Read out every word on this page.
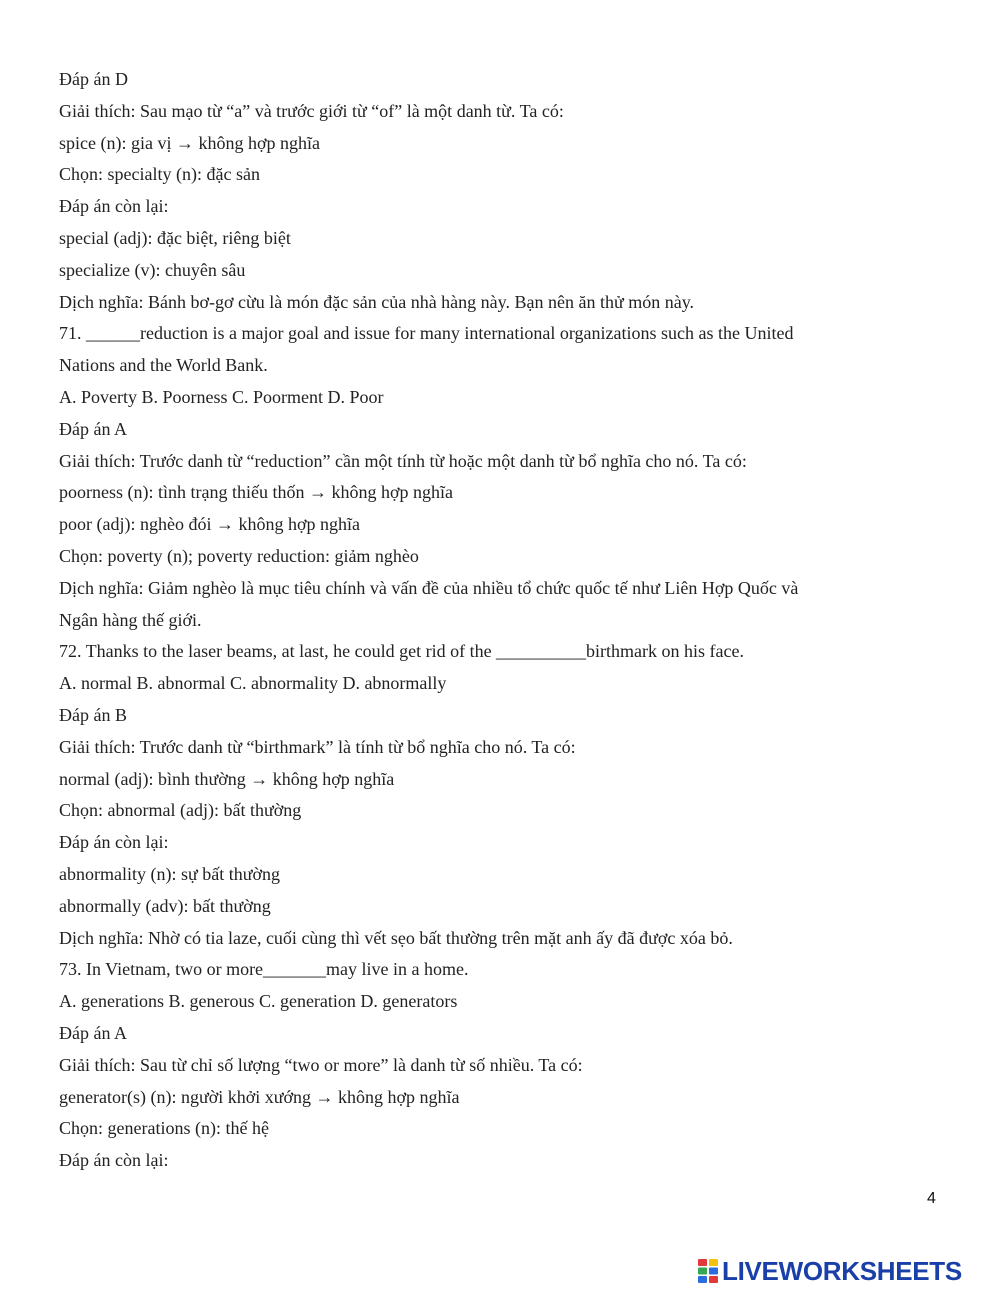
Đáp án D
Giải thích: Sau mạo từ “a” và trước giới từ “of” là một danh từ. Ta có:
spice (n): gia vị → không hợp nghĩa
Chọn: specialty (n): đặc sản
Đáp án còn lại:
special (adj): đặc biệt, riêng biệt
specialize (v): chuyên sâu
Dịch nghĩa: Bánh bơ-gơ cừu là món đặc sản của nhà hàng này. Bạn nên ăn thử món này.
71. ______reduction is a major goal and issue for many international organizations such as the United
Nations and the World Bank.
A. Poverty B. Poorness C. Poorment D. Poor
Đáp án A
Giải thích: Trước danh từ “reduction” cần một tính từ hoặc một danh từ bổ nghĩa cho nó. Ta có:
poorness (n): tình trạng thiếu thốn → không hợp nghĩa
poor (adj): nghèo đói → không hợp nghĩa
Chọn: poverty (n); poverty reduction: giảm nghèo
Dịch nghĩa: Giảm nghèo là mục tiêu chính và vấn đề của nhiều tổ chức quốc tế như Liên Hợp Quốc và
Ngân hàng thế giới.
72. Thanks to the laser beams, at last, he could get rid of the __________birthmark on his face.
A. normal B. abnormal C. abnormality D. abnormally
Đáp án B
Giải thích: Trước danh từ “birthmark” là tính từ bổ nghĩa cho nó. Ta có:
normal (adj): bình thường → không hợp nghĩa
Chọn: abnormal (adj): bất thường
Đáp án còn lại:
abnormality (n): sự bất thường
abnormally (adv): bất thường
Dịch nghĩa: Nhờ có tia laze, cuối cùng thì vết sẹo bất thường trên mặt anh ấy đã được xóa bỏ.
73. In Vietnam, two or more_______may live in a home.
A. generations B. generous C. generation D. generators
Đáp án A
Giải thích: Sau từ chỉ số lượng “two or more” là danh từ số nhiều. Ta có:
generator(s) (n): người khởi xướng → không hợp nghĩa
Chọn: generations (n): thế hệ
Đáp án còn lại:
4
LIVEWORKSHEETS
